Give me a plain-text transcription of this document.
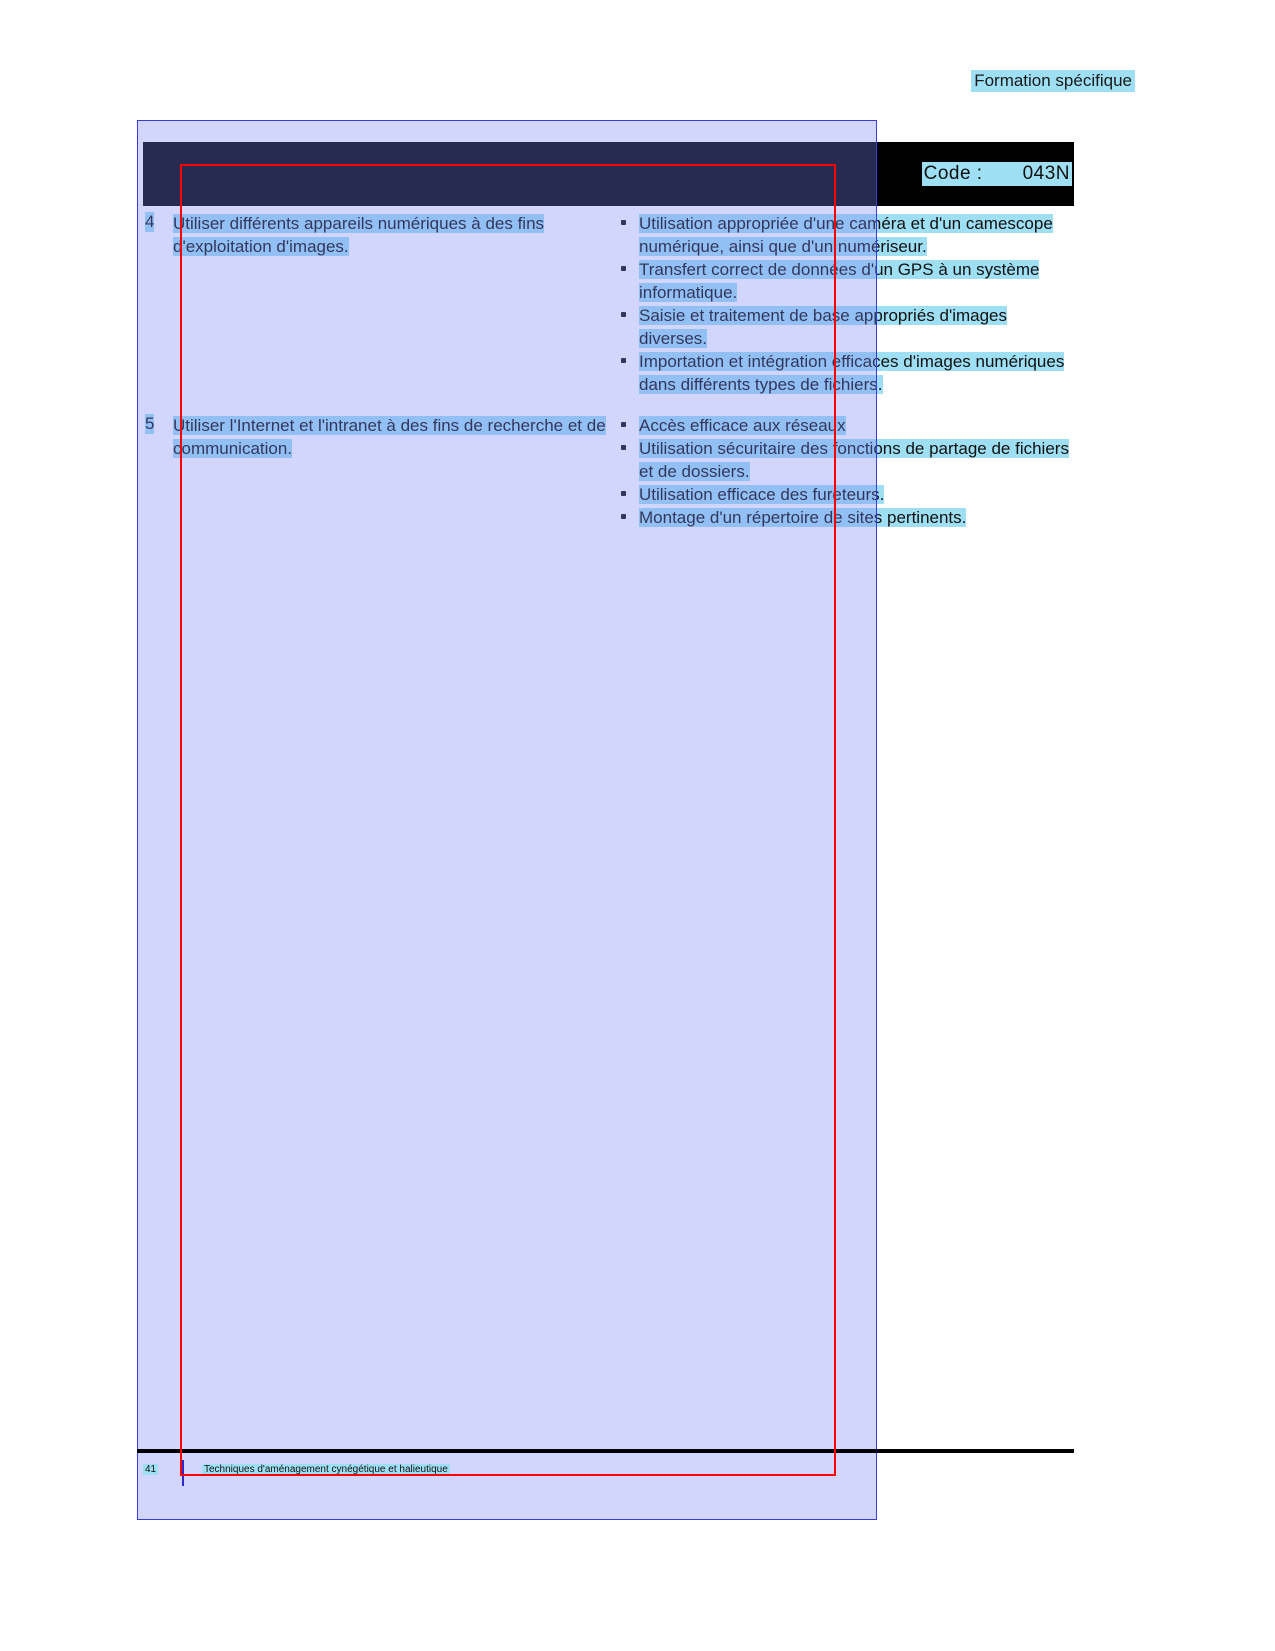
Formation spécifique
Code : 043N
4 Utiliser différents appareils numériques à des fins d'exploitation d'images.
Utilisation appropriée d'une caméra et d'un camescope numérique, ainsi que d'un numériseur.
Transfert correct de données d'un GPS à un système informatique.
Saisie et traitement de base appropriés d'images diverses.
Importation et intégration efficaces d'images numériques dans différents types de fichiers.
5 Utiliser l'Internet et l'intranet à des fins de recherche et de communication.
Accès efficace aux réseaux
Utilisation sécuritaire des fonctions de partage de fichiers et de dossiers.
Utilisation efficace des fureteurs.
Montage d'un répertoire de sites pertinents.
41	Techniques d'aménagement cynégétique et halieutique
